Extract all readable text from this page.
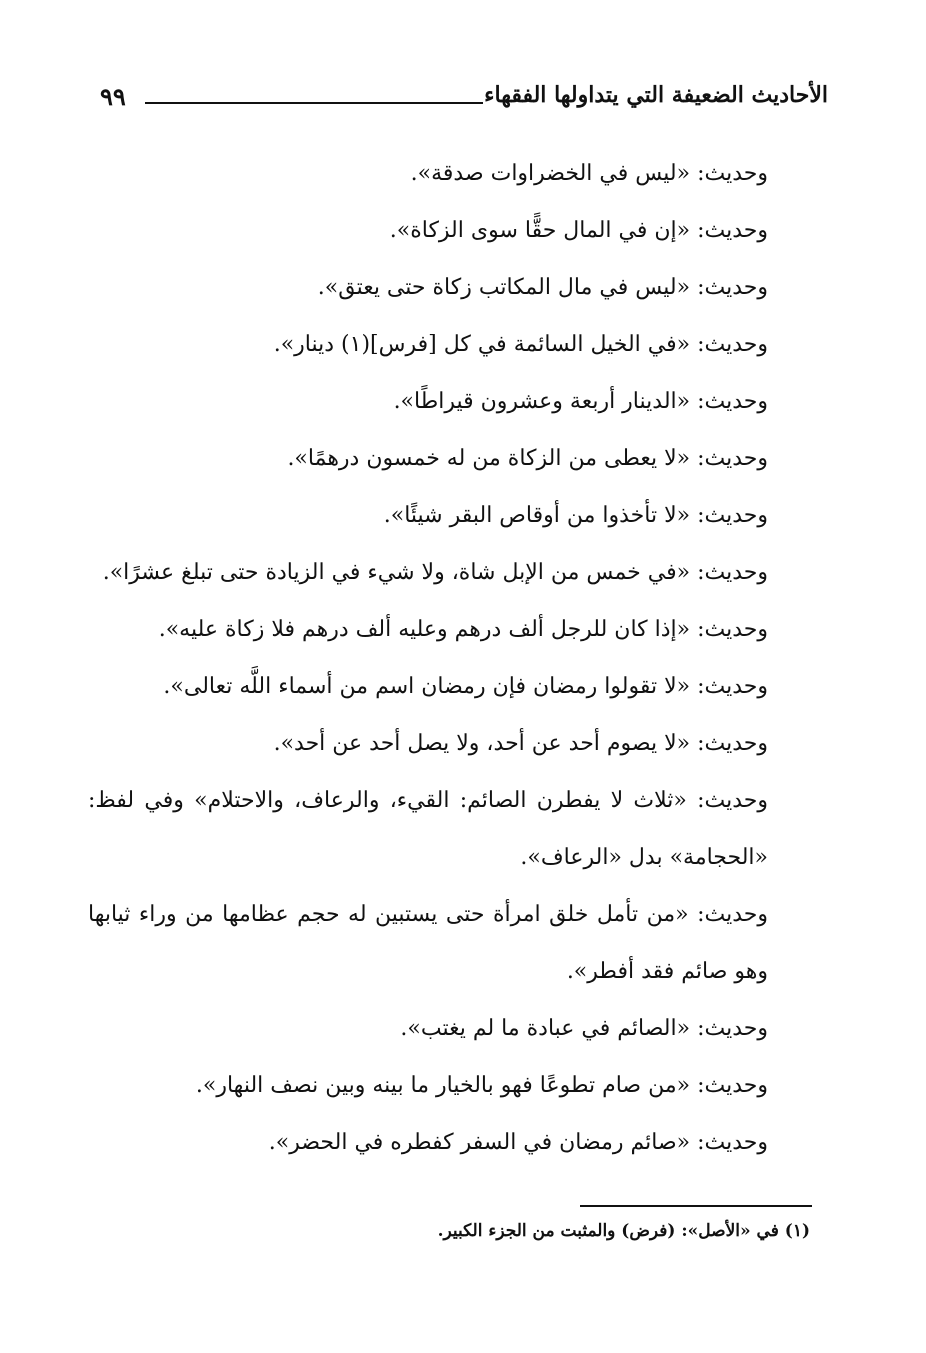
الأحاديث الضعيفة التي يتداولها الفقهاء
٩٩

وحديث: «ليس في الخضراوات صدقة».

وحديث: «إن في المال حقًّا سوى الزكاة».

وحديث: «ليس في مال المكاتب زكاة حتى يعتق».

وحديث: «في الخيل السائمة في كل [فرس](١) دينار».

وحديث: «الدينار أربعة وعشرون قيراطًا».

وحديث: «لا يعطى من الزكاة من له خمسون درهمًا».

وحديث: «لا تأخذوا من أوقاص البقر شيئًا».

وحديث: «في خمس من الإبل شاة، ولا شيء في الزيادة حتى تبلغ عشرًا».

وحديث: «إذا كان للرجل ألف درهم وعليه ألف درهم فلا زكاة عليه».

وحديث: «لا تقولوا رمضان فإن رمضان اسم من أسماء اللَّه تعالى».

وحديث: «لا يصوم أحد عن أحد، ولا يصل أحد عن أحد».

وحديث: «ثلاث لا يفطرن الصائم: القيء، والرعاف، والاحتلام» وفي لفظ: «الحجامة» بدل «الرعاف».

وحديث: «من تأمل خلق امرأة حتى يستبين له حجم عظامها من وراء ثيابها وهو صائم فقد أفطر».

وحديث: «الصائم في عبادة ما لم يغتب».

وحديث: «من صام تطوعًا فهو بالخيار ما بينه وبين نصف النهار».

وحديث: «صائم رمضان في السفر كفطره في الحضر».

(١) في «الأصل»: (فرض) والمثبت من الجزء الكبير.
